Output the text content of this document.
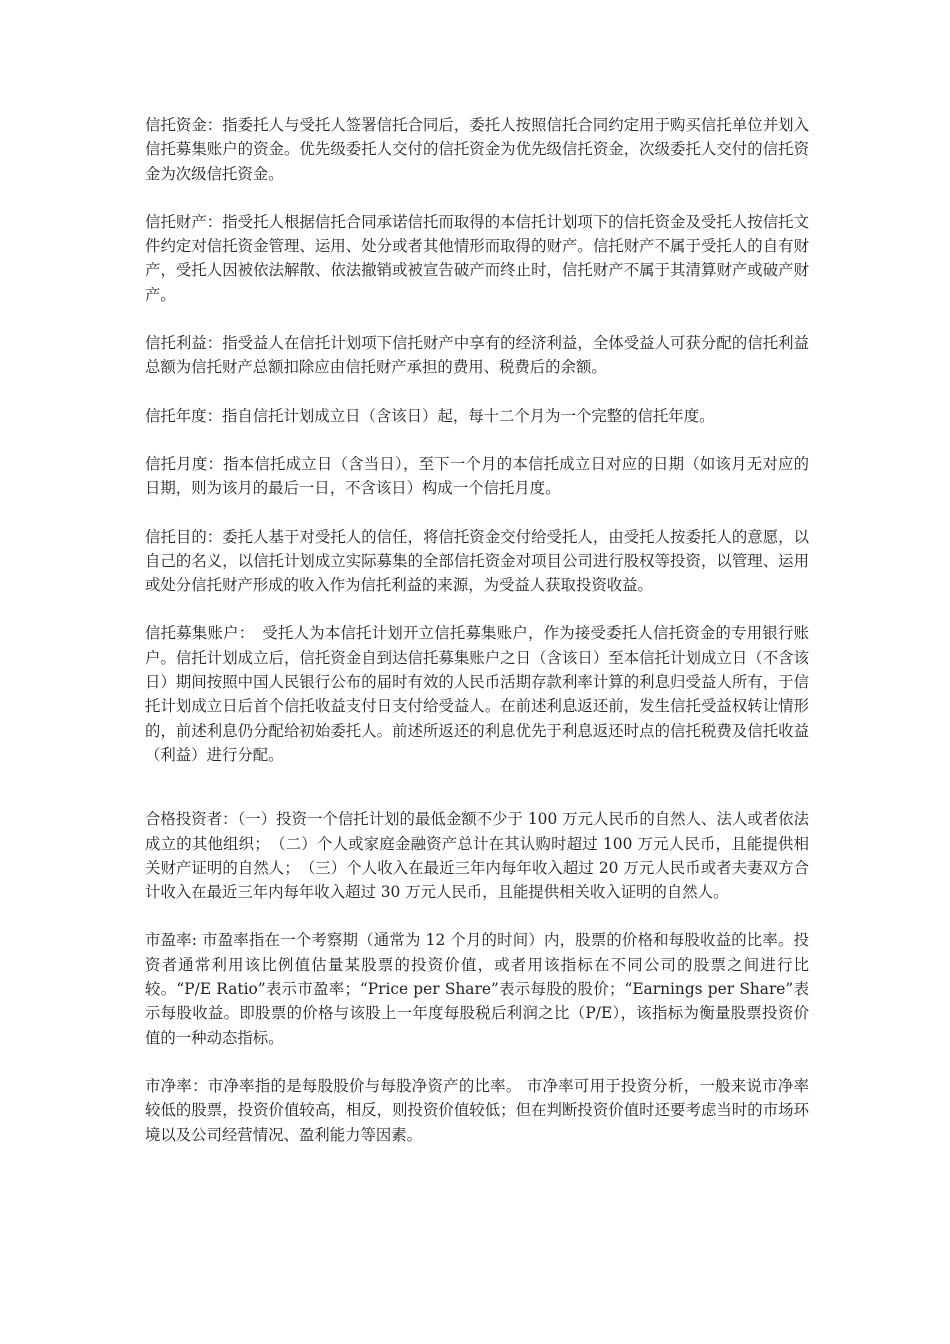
信托资金：指委托人与受托人签署信托合同后，委托人按照信托合同约定用于购买信托单位并划入信托募集账户的资金。优先级委托人交付的信托资金为优先级信托资金，次级委托人交付的信托资金为次级信托资金。

信托财产：指受托人根据信托合同承诺信托而取得的本信托计划项下的信托资金及受托人按信托文件约定对信托资金管理、运用、处分或者其他情形而取得的财产。信托财产不属于受托人的自有财产，受托人因被依法解散、依法撤销或被宣告破产而终止时，信托财产不属于其清算财产或破产财产。

信托利益：指受益人在信托计划项下信托财产中享有的经济利益，全体受益人可获分配的信托利益总额为信托财产总额扣除应由信托财产承担的费用、税费后的余额。

信托年度：指自信托计划成立日（含该日）起，每十二个月为一个完整的信托年度。

信托月度：指本信托成立日（含当日），至下一个月的本信托成立日对应的日期（如该月无对应的日期，则为该月的最后一日，不含该日）构成一个信托月度。

信托目的：委托人基于对受托人的信任，将信托资金交付给受托人，由受托人按委托人的意愿，以自己的名义，以信托计划成立实际募集的全部信托资金对项目公司进行股权等投资，以管理、运用或处分信托财产形成的收入作为信托利益的来源，为受益人获取投资收益。

信托募集账户：　受托人为本信托计划开立信托募集账户，作为接受委托人信托资金的专用银行账户。信托计划成立后，信托资金自到达信托募集账户之日（含该日）至本信托计划成立日（不含该日）期间按照中国人民银行公布的届时有效的人民币活期存款利率计算的利息归受益人所有，于信托计划成立日后首个信托收益支付日支付给受益人。在前述利息返还前，发生信托受益权转让情形的，前述利息仍分配给初始委托人。前述所返还的利息优先于利息返还时点的信托税费及信托收益（利益）进行分配。

合格投资者：（一）投资一个信托计划的最低金额不少于 100 万元人民币的自然人、法人或者依法成立的其他组织；　（二）个人或家庭金融资产总计在其认购时超过 100 万元人民币，且能提供相关财产证明的自然人；　（三）个人收入在最近三年内每年收入超过 20 万元人民币或者夫妻双方合计收入在最近三年内每年收入超过 30 万元人民币，且能提供相关收入证明的自然人。

市盈率: 市盈率指在一个考察期（通常为 12 个月的时间）内，股票的价格和每股收益的比率。投资者通常利用该比例值估量某股票的投资价值，或者用该指标在不同公司的股票之间进行比较。“P/E Ratio”表示市盈率；“Price per Share”表示每股的股价；“Earnings per Share”表示每股收益。即股票的价格与该股上一年度每股税后利润之比（P/E），该指标为衡量股票投资价值的一种动态指标。

市净率：市净率指的是每股股价与每股净资产的比率。 市净率可用于投资分析，一般来说市净率较低的股票，投资价值较高，相反，则投资价值较低；但在判断投资价值时还要考虑当时的市场环境以及公司经营情况、盈利能力等因素。
